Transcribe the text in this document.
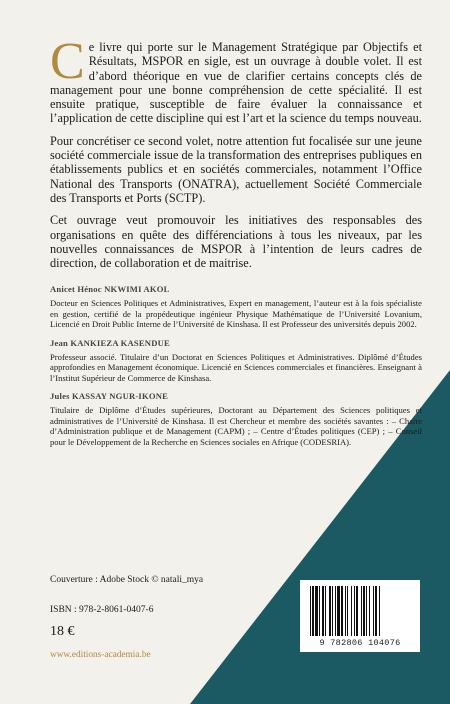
Ce livre qui porte sur le Management Stratégique par Objectifs et Résultats, MSPOR en sigle, est un ouvrage à double volet. Il est d’abord théorique en vue de clarifier certains concepts clés de management pour une bonne compréhension de cette spécialité. Il est ensuite pratique, susceptible de faire évaluer la connaissance et l’application de cette discipline qui est l’art et la science du temps nouveau.

Pour concrétiser ce second volet, notre attention fut focalisée sur une jeune société commerciale issue de la transformation des entreprises publiques en établissements publics et en sociétés commerciales, notamment l’Office National des Transports (ONATRA), actuellement Société Commerciale des Transports et Ports (SCTP).

Cet ouvrage veut promouvoir les initiatives des responsables des organisations en quête des différenciations à tous les niveaux, par les nouvelles connaissances de MSPOR à l’intention de leurs cadres de direction, de collaboration et de maitrise.

Anicet Hénoc NKWIMI AKOL

Docteur en Sciences Politiques et Administratives, Expert en management, l’auteur est à la fois spécialiste en gestion, certifié de la propédeutique ingénieur Physique Mathématique de l’Université Lovanium, Licencié en Droit Public Interne de l’Université de Kinshasa. Il est Professeur des universités depuis 2002.

Jean KANKIEZA KASENDUE

Professeur associé. Titulaire d’un Doctorat en Sciences Politiques et Administratives. Diplômé d’Études approfondies en Management économique. Licencié en Sciences commerciales et financières. Enseignant à l’Institut Supérieur de Commerce de Kinshasa.

Jules KASSAY NGUR-IKONE

Titulaire de Diplôme d’Études supérieures, Doctorant au Département des Sciences politiques et administratives de l’Université de Kinshasa. Il est Chercheur et membre des sociétés savantes : – Chaire d’Administration publique et de Management (CAPM) ; – Centre d’Études politiques (CEP) ; – Conseil pour le Développement de la Recherche en Sciences sociales en Afrique (CODESRIA).

Couverture : Adobe Stock © natali_mya
ISBN : 978-2-8061-0407-6
18 €
www.editions-academia.be
9 782806 104076
